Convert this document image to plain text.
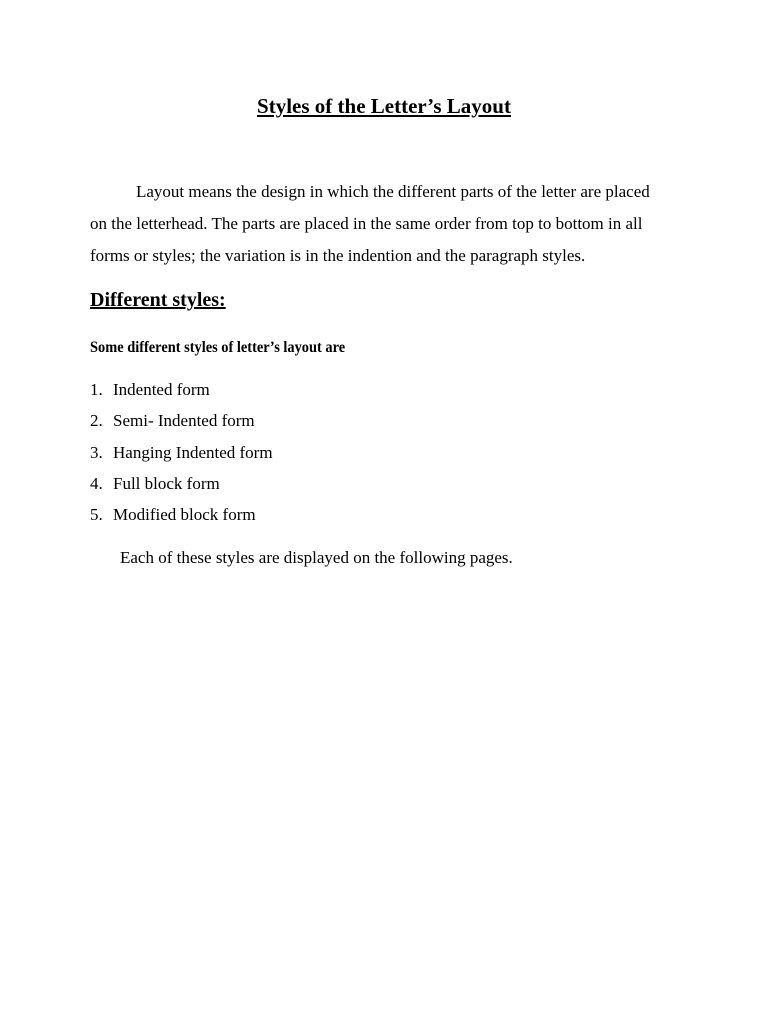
Styles of the Letter’s Layout

Layout means the design in which the different parts of the letter are placed on the letterhead. The parts are placed in the same order from top to bottom in all forms or styles; the variation is in the indention and the paragraph styles.

Different styles:

Some different styles of letter’s layout are

1. Indented form
2. Semi- Indented form
3. Hanging Indented form
4. Full block form
5. Modified block form

Each of these styles are displayed on the following pages.
